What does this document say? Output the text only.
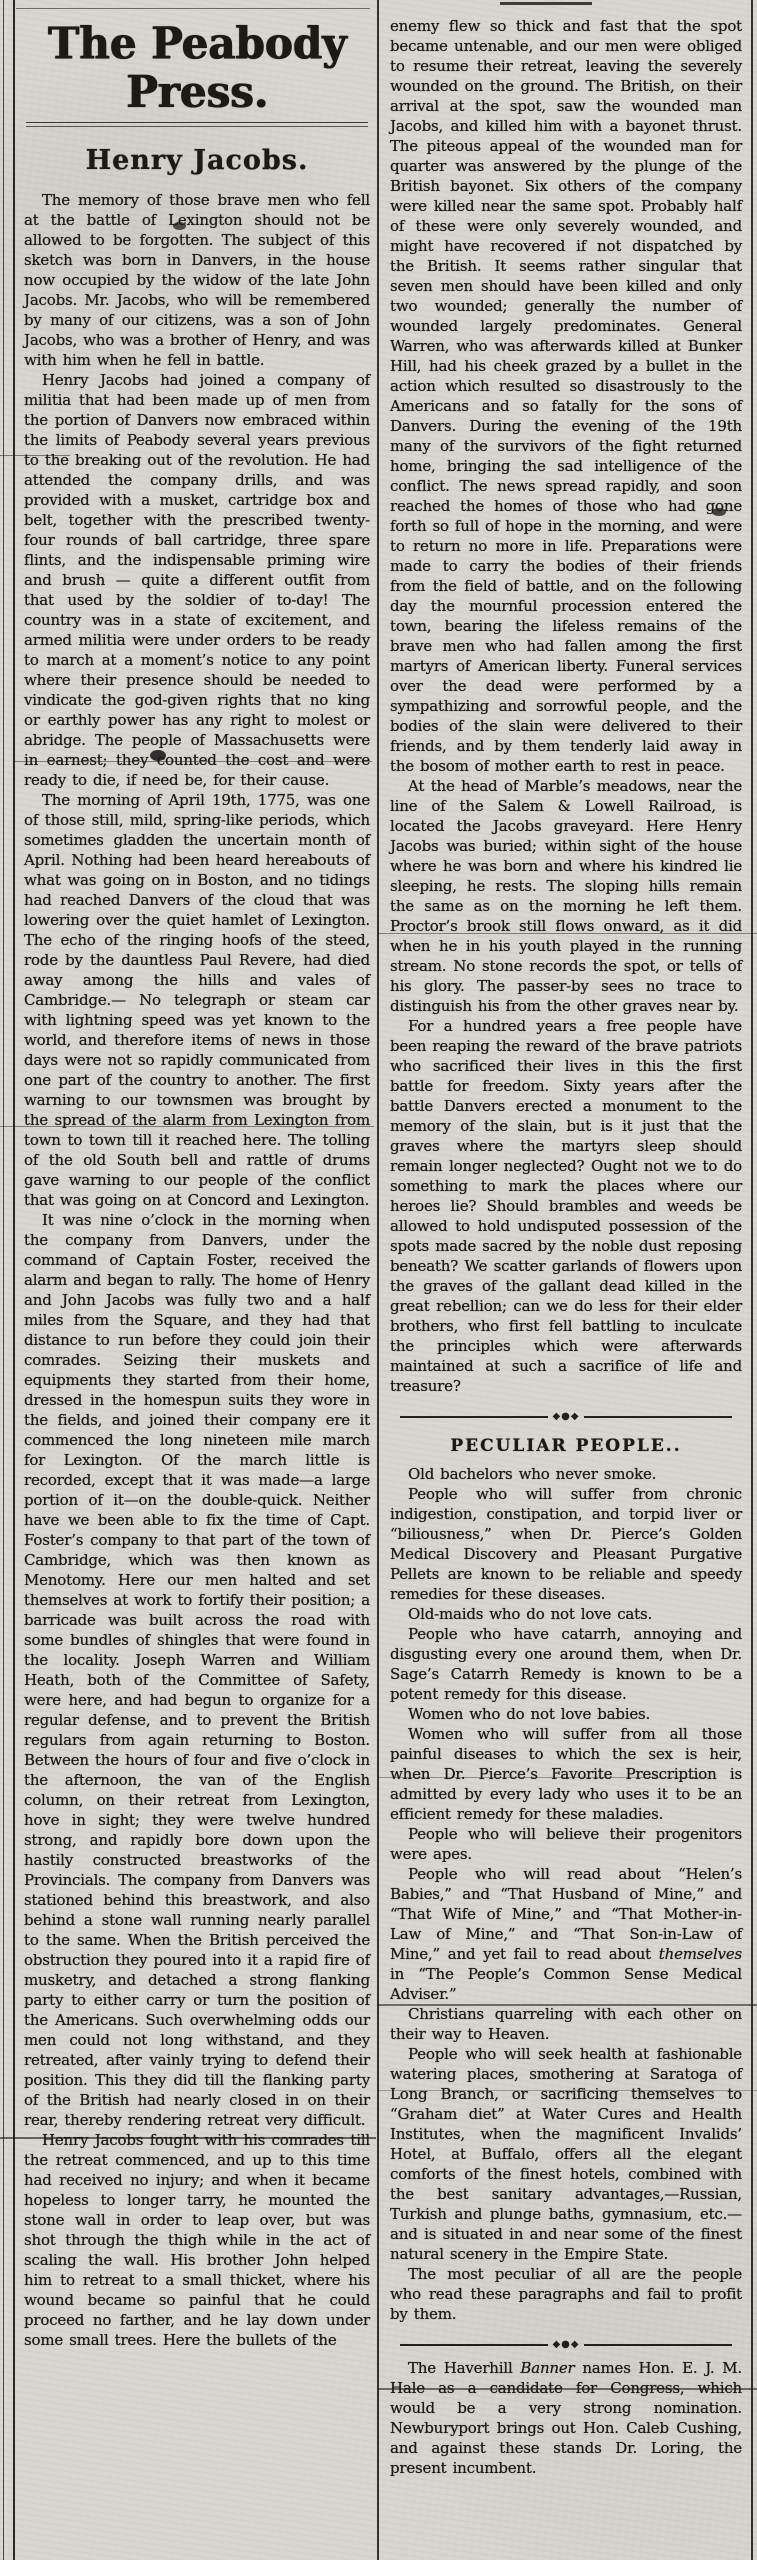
The Peabody Press.
Henry Jacobs.

The memory of those brave men who fell at the battle of Lexington should not be allowed to be forgotten. The subject of this sketch was born in Danvers, in the house now occupied by the widow of the late John Jacobs. Mr. Jacobs, who will be remembered by many of our citizens, was a son of John Jacobs, who was a brother of Henry, and was with him when he fell in battle.

Henry Jacobs had joined a company of militia that had been made up of men from the portion of Danvers now embraced within the limits of Peabody several years previous to the breaking out of the revolution. He had attended the company drills, and was provided with a musket, cartridge box and belt, together with the prescribed twenty-four rounds of ball cartridge, three spare flints, and the indispensable priming wire and brush — quite a different outfit from that used by the soldier of to-day! The country was in a state of excitement, and armed militia were under orders to be ready to march at a moment’s notice to any point where their presence should be needed to vindicate the god-given rights that no king or earthly power has any right to molest or abridge. The people of Massachusetts were in earnest; they counted the cost and were ready to die, if need be, for their cause.

The morning of April 19th, 1775, was one of those still, mild, spring-like periods, which sometimes gladden the uncertain month of April. Nothing had been heard hereabouts of what was going on in Boston, and no tidings had reached Danvers of the cloud that was lowering over the quiet hamlet of Lexington. The echo of the ringing hoofs of the steed, rode by the dauntless Paul Revere, had died away among the hills and vales of Cambridge.— No telegraph or steam car with lightning speed was yet known to the world, and therefore items of news in those days were not so rapidly communicated from one part of the country to another. The first warning to our townsmen was brought by the spread of the alarm from Lexington from town to town till it reached here. The tolling of the old South bell and rattle of drums gave warning to our people of the conflict that was going on at Concord and Lexington.

It was nine o’clock in the morning when the company from Danvers, under the command of Captain Foster, received the alarm and began to rally. The home of Henry and John Jacobs was fully two and a half miles from the Square, and they had that distance to run before they could join their comrades. Seizing their muskets and equipments they started from their home, dressed in the homespun suits they wore in the fields, and joined their company ere it commenced the long nineteen mile march for Lexington. Of the march little is recorded, except that it was made—a large portion of it—on the double-quick. Neither have we been able to fix the time of Capt. Foster’s company to that part of the town of Cambridge, which was then known as Menotomy. Here our men halted and set themselves at work to fortify their position; a barricade was built across the road with some bundles of shingles that were found in the locality. Joseph Warren and William Heath, both of the Committee of Safety, were here, and had begun to organize for a regular defense, and to prevent the British regulars from again returning to Boston. Between the hours of four and five o’clock in the afternoon, the van of the English column, on their retreat from Lexington, hove in sight; they were twelve hundred strong, and rapidly bore down upon the hastily constructed breastworks of the Provincials. The company from Danvers was stationed behind this breastwork, and also behind a stone wall running nearly parallel to the same. When the British perceived the obstruction they poured into it a rapid fire of musketry, and detached a strong flanking party to either carry or turn the position of the Americans. Such overwhelming odds our men could not long withstand, and they retreated, after vainly trying to defend their position. This they did till the flanking party of the British had nearly closed in on their rear, thereby rendering retreat very difficult.

Henry Jacobs fought with his comrades till the retreat commenced, and up to this time had received no injury; and when it became hopeless to longer tarry, he mounted the stone wall in order to leap over, but was shot through the thigh while in the act of scaling the wall. His brother John helped him to retreat to a small thicket, where his wound became so painful that he could proceed no farther, and he lay down under some small trees. Here the bullets of the

enemy flew so thick and fast that the spot became untenable, and our men were obliged to resume their retreat, leaving the severely wounded on the ground. The British, on their arrival at the spot, saw the wounded man Jacobs, and killed him with a bayonet thrust. The piteous appeal of the wounded man for quarter was answered by the plunge of the British bayonet. Six others of the company were killed near the same spot. Probably half of these were only severely wounded, and might have recovered if not dispatched by the British. It seems rather singular that seven men should have been killed and only two wounded; generally the number of wounded largely predominates. General Warren, who was afterwards killed at Bunker Hill, had his cheek grazed by a bullet in the action which resulted so disastrously to the Americans and so fatally for the sons of Danvers. During the evening of the 19th many of the survivors of the fight returned home, bringing the sad intelligence of the conflict. The news spread rapidly, and soon reached the homes of those who had gone forth so full of hope in the morning, and were to return no more in life. Preparations were made to carry the bodies of their friends from the field of battle, and on the following day the mournful procession entered the town, bearing the lifeless remains of the brave men who had fallen among the first martyrs of American liberty. Funeral services over the dead were performed by a sympathizing and sorrowful people, and the bodies of the slain were delivered to their friends, and by them tenderly laid away in the bosom of mother earth to rest in peace.

At the head of Marble’s meadows, near the line of the Salem & Lowell Railroad, is located the Jacobs graveyard. Here Henry Jacobs was buried; within sight of the house where he was born and where his kindred lie sleeping, he rests. The sloping hills remain the same as on the morning he left them. Proctor’s brook still flows onward, as it did when he in his youth played in the running stream. No stone records the spot, or tells of his glory. The passer-by sees no trace to distinguish his from the other graves near by.

For a hundred years a free people have been reaping the reward of the brave patriots who sacrificed their lives in this the first battle for freedom. Sixty years after the battle Danvers erected a monument to the memory of the slain, but is it just that the graves where the martyrs sleep should remain longer neglected? Ought not we to do something to mark the places where our heroes lie? Should brambles and weeds be allowed to hold undisputed possession of the spots made sacred by the noble dust reposing beneath? We scatter garlands of flowers upon the graves of the gallant dead killed in the great rebellion; can we do less for their elder brothers, who first fell battling to inculcate the principles which were afterwards maintained at such a sacrifice of life and treasure?

◆●◆
PECULIAR PEOPLE..

Old bachelors who never smoke.

People who will suffer from chronic indigestion, constipation, and torpid liver or “biliousness,” when Dr. Pierce’s Golden Medical Discovery and Pleasant Purgative Pellets are known to be reliable and speedy remedies for these diseases.

Old-maids who do not love cats.

People who have catarrh, annoying and disgusting every one around them, when Dr. Sage’s Catarrh Remedy is known to be a potent remedy for this disease.

Women who do not love babies.

Women who will suffer from all those painful diseases to which the sex is heir, when Dr. Pierce’s Favorite Prescription is admitted by every lady who uses it to be an efficient remedy for these maladies.

People who will believe their progenitors were apes.

People who will read about “Helen’s Babies,” and “That Husband of Mine,” and “That Wife of Mine,” and “That Mother-in-Law of Mine,” and “That Son-in-Law of Mine,” and yet fail to read about themselves in “The People’s Common Sense Medical Adviser.”

Christians quarreling with each other on their way to Heaven.

People who will seek health at fashionable watering places, smothering at Saratoga of Long Branch, or sacrificing themselves to “Graham diet” at Water Cures and Health Institutes, when the magnificent Invalids’ Hotel, at Buffalo, offers all the elegant comforts of the finest hotels, combined with the best sanitary advantages,—Russian, Turkish and plunge baths, gymnasium, etc.—and is situated in and near some of the finest natural scenery in the Empire State.

The most peculiar of all are the people who read these paragraphs and fail to profit by them.

◆●◆

The Haverhill Banner names Hon. E. J. M. Hale as a candidate for Congress, which would be a very strong nomination. Newburyport brings out Hon. Caleb Cushing, and against these stands Dr. Loring, the present incumbent.
